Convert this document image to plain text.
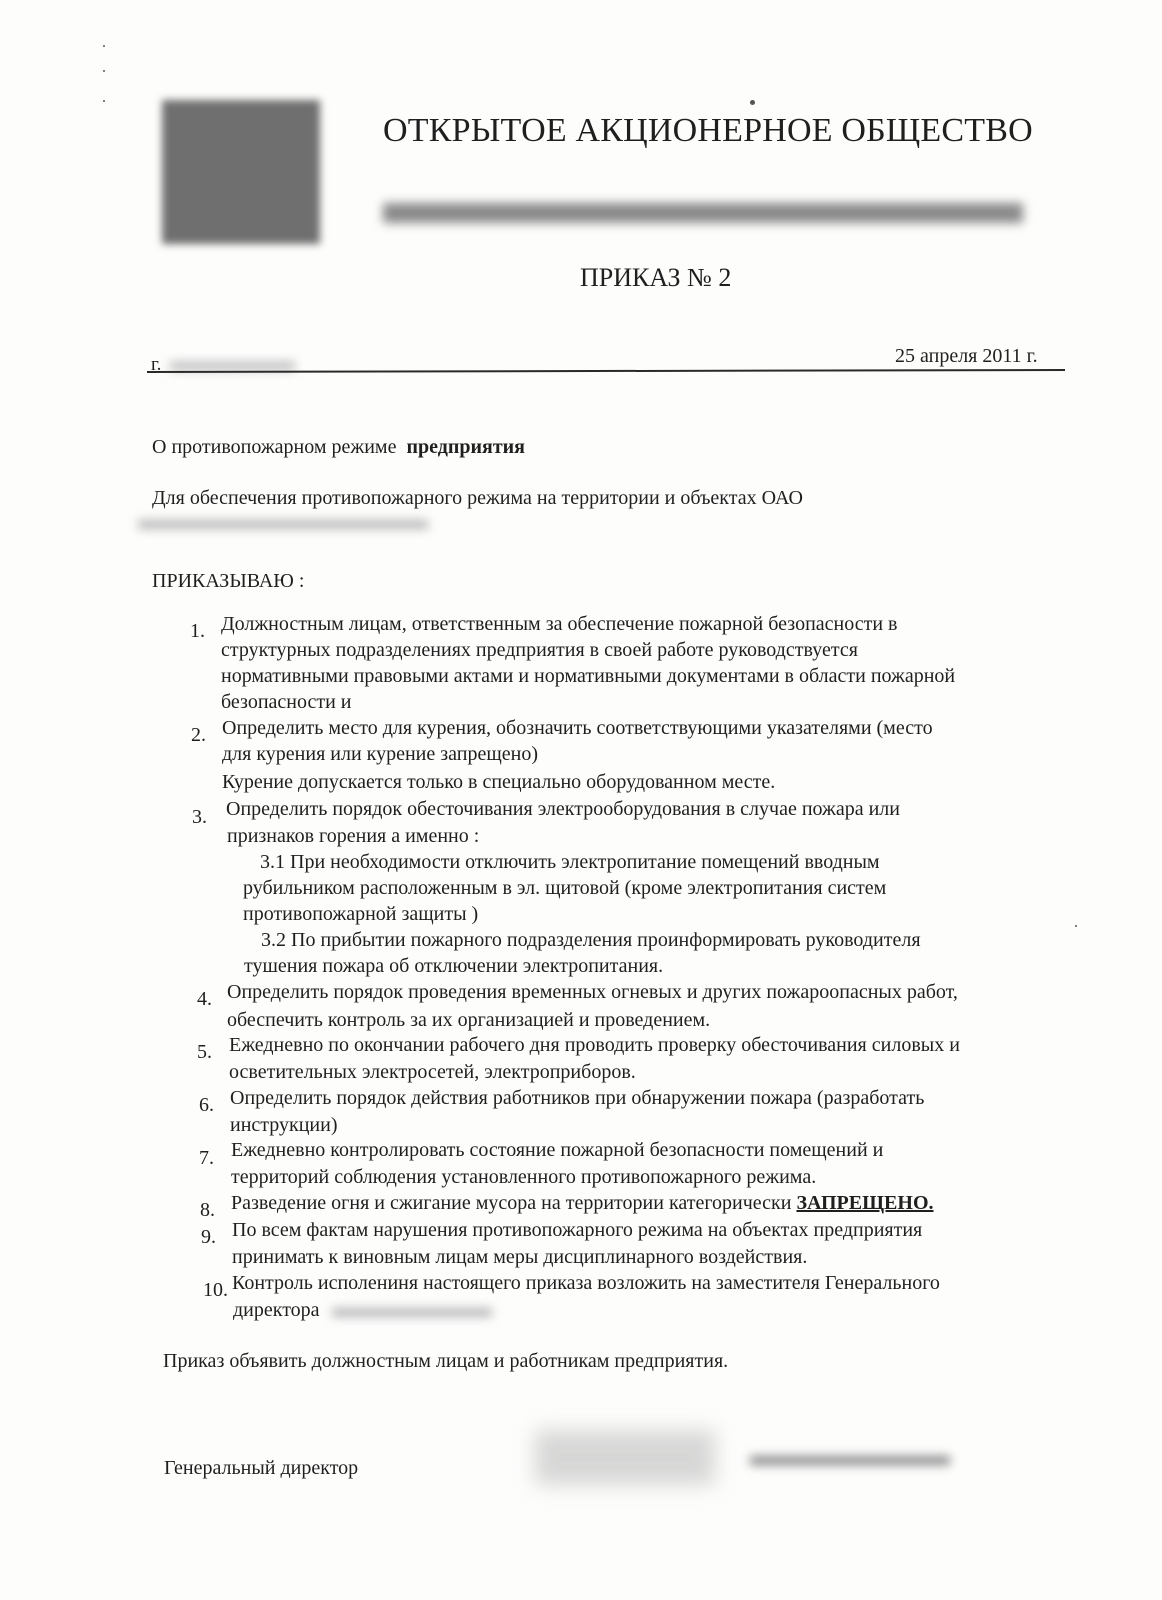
ОТКРЫТОЕ АКЦИОНЕРНОЕ ОБЩЕСТВО
ПРИКАЗ № 2
г.	25 апреля 2011 г.
О противопожарном режиме предприятия
Для обеспечения противопожарного режима на территории и объектах ОАО
ПРИКАЗЫВАЮ :
1. Должностным лицам, ответственным за обеспечение пожарной безопасности в
структурных подразделениях предприятия в своей работе руководствуется
нормативными правовыми актами и нормативными документами в области пожарной
безопасности и
2. Определить место для курения, обозначить соответствующими указателями (место
для курения или курение запрещено)
Курение допускается только в специально оборудованном месте.
3. Определить порядок обесточивания электрооборудования в случае пожара или
признаков горения а именно :
3.1 При необходимости отключить электропитание помещений вводным
рубильником расположенным в эл. щитовой (кроме электропитания систем
противопожарной защиты )
3.2 По прибытии пожарного подразделения проинформировать руководителя
тушения пожара об отключении электропитания.
4. Определить порядок проведения временных огневых и других пожароопасных работ,
обеспечить контроль за их организацией и проведением.
5. Ежедневно по окончании рабочего дня проводить проверку обесточивания силовых и
осветительных электросетей, электроприборов.
6. Определить порядок действия работников при обнаружении пожара (разработать
инструкции)
7. Ежедневно контролировать состояние пожарной безопасности помещений и
территорий соблюдения установленного противопожарного режима.
8. Разведение огня и сжигание мусора на территории категорически ЗАПРЕЩЕНО.
9. По всем фактам нарушения противопожарного режима на объектах предприятия
принимать к виновным лицам меры дисциплинарного воздействия.
10. Контроль исполениня настоящего приказа возложить на заместителя Генерального
директора
Приказ объявить должностным лицам и работникам предприятия.
Генеральный директор
